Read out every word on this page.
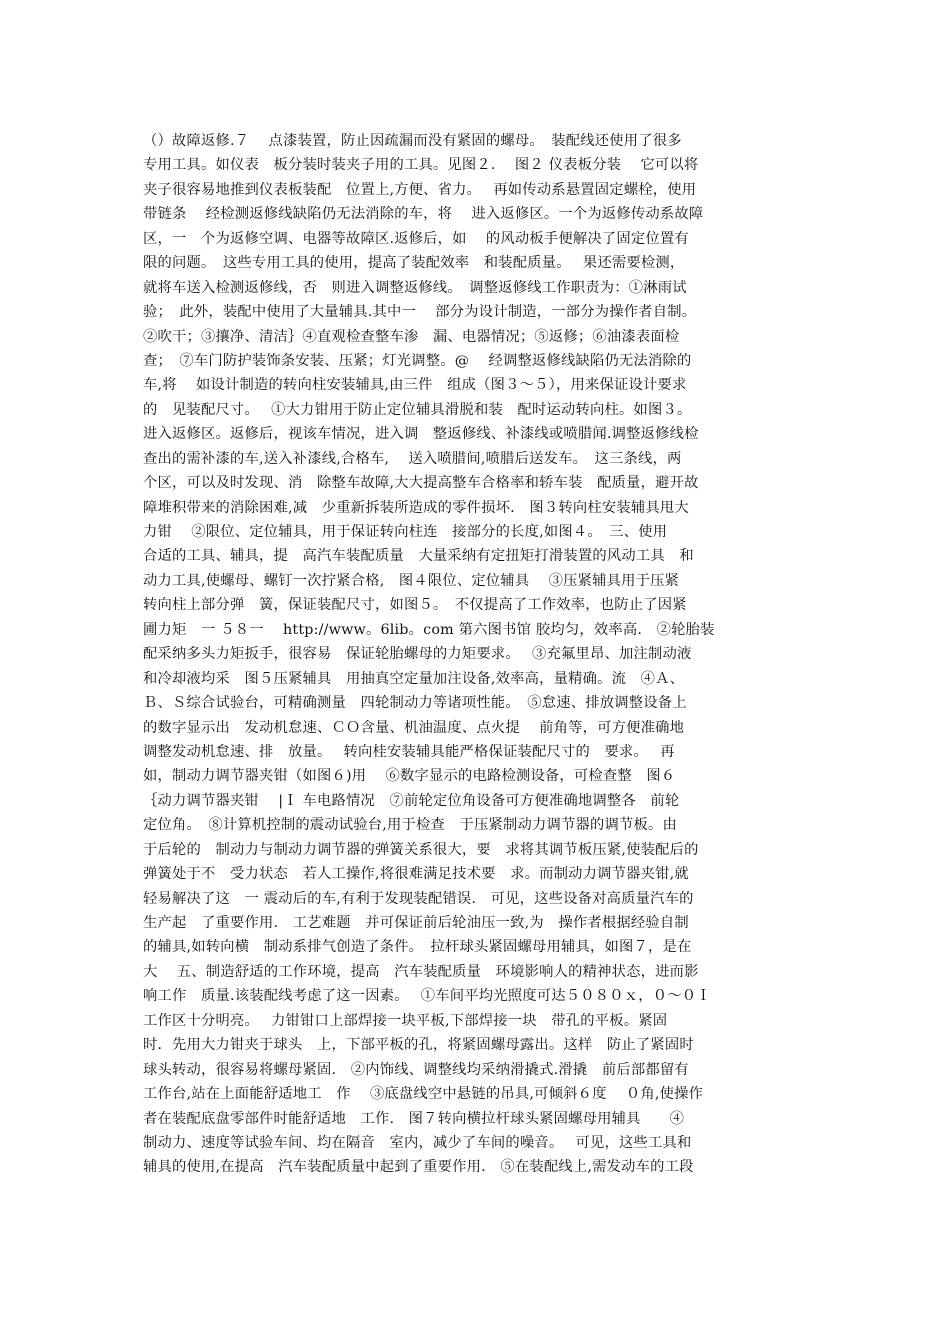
（）故障返修.７　 点漆装置，防止因疏漏而没有紧固的螺母。　装配线还使用了很多
专用工具。如仪表　板分装时装夹子用的工具。见图２.　 图２ 仪表板分装　 它可以将
夹子很容易地推到仪表板装配　位置上,方便、省力。　 再如传动系悬置固定螺栓，使用
带链条　 经检测返修线缺陷仍无法消除的车，将　 进入返修区。一个为返修传动系故障
区，一　个为返修空调、电器等故障区.返修后，如　 的风动板手便解决了固定位置有
限的问题。　这些专用工具的使用，提高了装配效率　和装配质量。　 果还需要检测，
就将车送入检测返修线，否　则进入调整返修线。　调整返修线工作职责为：①淋雨试
验；　此外，装配中使用了大量辅具.其中一　 部分为设计制造，一部分为操作者自制。
②吹干；③攘净、清洁｝④直观检查整车渗　漏、电器情况；⑤返修；⑥油漆表面检
查；　⑦车门防护装饰条安装、压紧；灯光调整。@　 经调整返修线缺陷仍无法消除的
车,将　 如设计制造的转向柱安装辅具,由三件　组成（图３～５），用来保证设计要求
的　见装配尺寸。　 ①大力钳用于防止定位辅具滑脱和装　配时运动转向柱。如图３。
进入返修区。返修后，视该车情况，进入调　整返修线、补漆线或喷腊闻.调整返修线检
查出的需补漆的车,送入补漆线,合格车,　 送入喷腊间,喷腊后送发车。　这三条线，两
个区，可以及时发现、消　除整车故障,大大提高整车合格率和轿车装　配质量，避开故
障堆积带来的消除困难,减　少重新拆装所造成的零件损坏.　图３转向柱安装辅具甩大
力钳　 ②限位、定位辅具，用于保证转向柱连　接部分的长度,如图４。　三、使用
合适的工具、辅具，提　高汽车装配质量　大量采纳有定扭矩打滑装置的风动工具　和
动力工具,使螺母、螺钉一次拧紧合格,　图４限位、定位辅具　 ③压紧辅具用于压紧
转向柱上部分弹　簧，保证装配尺寸，如图５。　不仅提高了工作效率，也防止了因紧
圃力矩　一 ５８一　 http://www。6lib。com 第六图书馆 胶均匀，效率高.　②轮胎装
配采纳多头力矩扳手，很容易　保证轮胎螺母的力矩要求。　 ③充氟里昂、加注制动液
和冷却液均采　图５压紧辅具　用抽真空定量加注设备,效率高，量精确。流　④Ａ、
Ｂ、Ｓ综合试验台，可精确测量　四轮制动力等诸项性能。　⑤怠速、排放调整设备上
的数字显示出　发动机怠速、ＣＯ含量、机油温度、点火提　 前角等，可方便准确地
调整发动机怠速、排　放量。　 转向桂安装辅具能严格保证装配尺寸的　要求。　 再
如，制动力调节器夹钳（如图６)用　 ⑥数字显示的电路检测设备，可检查整　图６
｛动力调节器夹钳　 |Ｉ 车电路情况　⑦前轮定位角设备可方便准确地调整各　前轮
定位角。　⑧计算机控制的震动试验台,用于检查　于压紧制动力调节器的调节板。由
于后轮的　制动力与制动力调节器的弹簧关系很大，要　求将其调节板压紧,使装配后的
弹簧处于不　受力状态　若人工操作,将很难满足技术要　求。而制动力调节器夹钳,就
轻易解决了这　一 震动后的车,有利于发现装配错误.　可见，这些设备对高质量汽车的
生产起　了重要作用.　工艺难题　并可保证前后轮油压一致,为　操作者根据经验自制
的辅具,如转向横　制动系排气创造了条件。　拉杆球头紧固螺母用辅具，如图７，是在
大　 五、制造舒适的工作环境，提高　汽车装配质量　环境影响人的精神状态，进而影
响工作　质量.该装配线考虑了这一因素。　 ①车间平均光照度可达５０８０ｘ，０～０Ｉ
工作区十分明亮。　 力钳钳口上部焊接一块平板,下部焊接一块　带孔的平板。紧固
时．先用大力钳夹于球头　上，下部平板的孔，将紧固螺母露出。这样　防止了紧固时
球头转动，很容易将螺母紧固.　②内饰线、调整线均采纳滑撬式.滑撬　前后部都留有
工作台,站在上面能舒适地工　作　 ③底盘线空中悬链的吊具,可倾斜６度　 ０角,使操作
者在装配底盘零部件时能舒适地　工作.　图７转向横拉杆球头紧固螺母用辅具　　④
制动力、速度等试验车间、均在隔音　室内，减少了车间的噪音。　 可见，这些工具和
辅具的使用,在提高　汽车装配质量中起到了重要作用.　⑤在装配线上,需发动车的工段
